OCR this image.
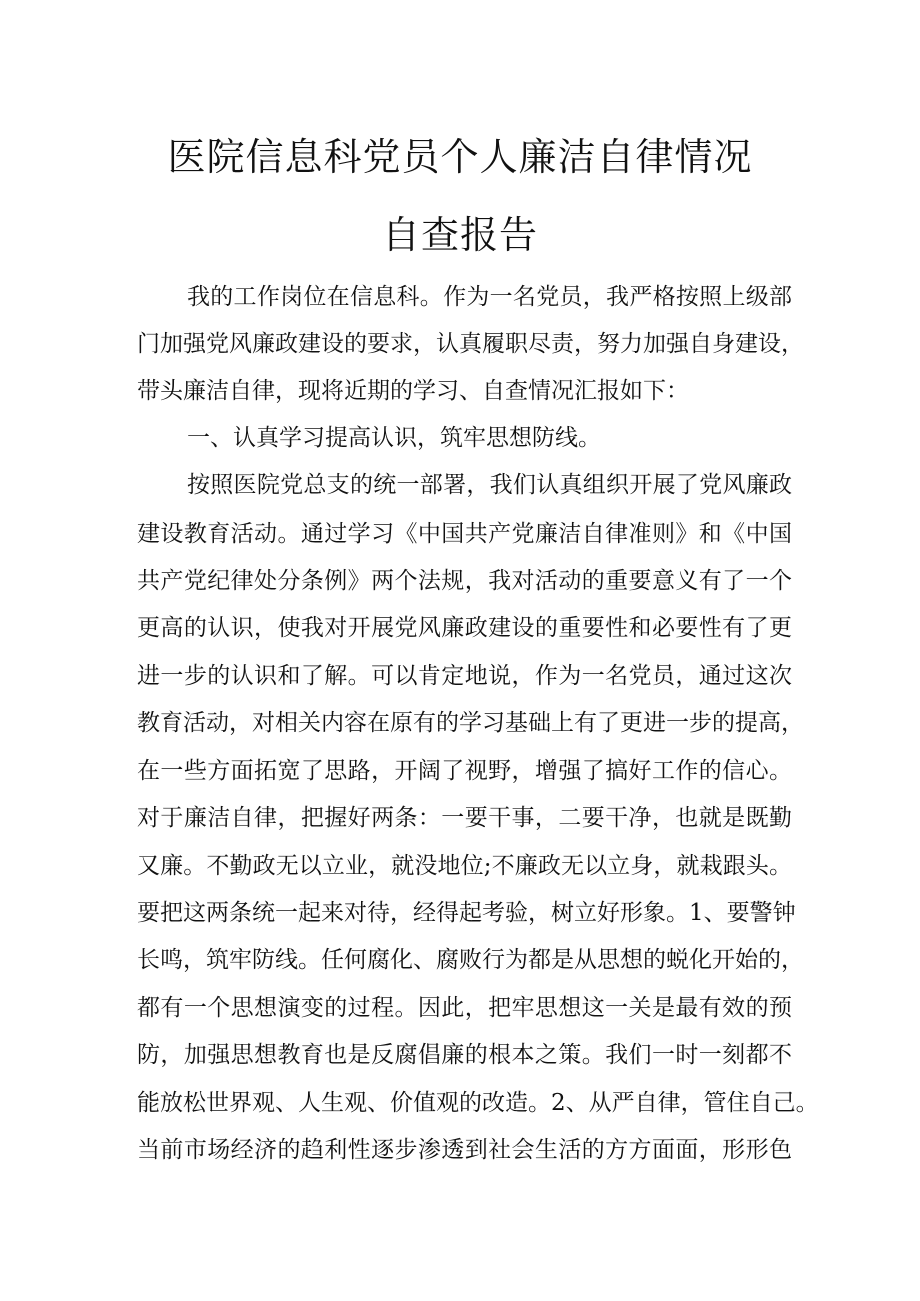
医院信息科党员个人廉洁自律情况
自查报告
我的工作岗位在信息科。作为一名党员，我严格按照上级部
门加强党风廉政建设的要求，认真履职尽责，努力加强自身建设，
带头廉洁自律，现将近期的学习、自查情况汇报如下：
一、认真学习提高认识，筑牢思想防线。
按照医院党总支的统一部署，我们认真组织开展了党风廉政
建设教育活动。通过学习《中国共产党廉洁自律准则》和《中国
共产党纪律处分条例》两个法规，我对活动的重要意义有了一个
更高的认识，使我对开展党风廉政建设的重要性和必要性有了更
进一步的认识和了解。可以肯定地说，作为一名党员，通过这次
教育活动，对相关内容在原有的学习基础上有了更进一步的提高，
在一些方面拓宽了思路，开阔了视野，增强了搞好工作的信心。
对于廉洁自律，把握好两条：一要干事，二要干净，也就是既勤
又廉。不勤政无以立业，就没地位;不廉政无以立身，就栽跟头。
要把这两条统一起来对待，经得起考验，树立好形象。1、要警钟
长鸣，筑牢防线。任何腐化、腐败行为都是从思想的蜕化开始的，
都有一个思想演变的过程。因此，把牢思想这一关是最有效的预
防，加强思想教育也是反腐倡廉的根本之策。我们一时一刻都不
能放松世界观、人生观、价值观的改造。2、从严自律，管住自己。
当前市场经济的趋利性逐步渗透到社会生活的方方面面，形形色
